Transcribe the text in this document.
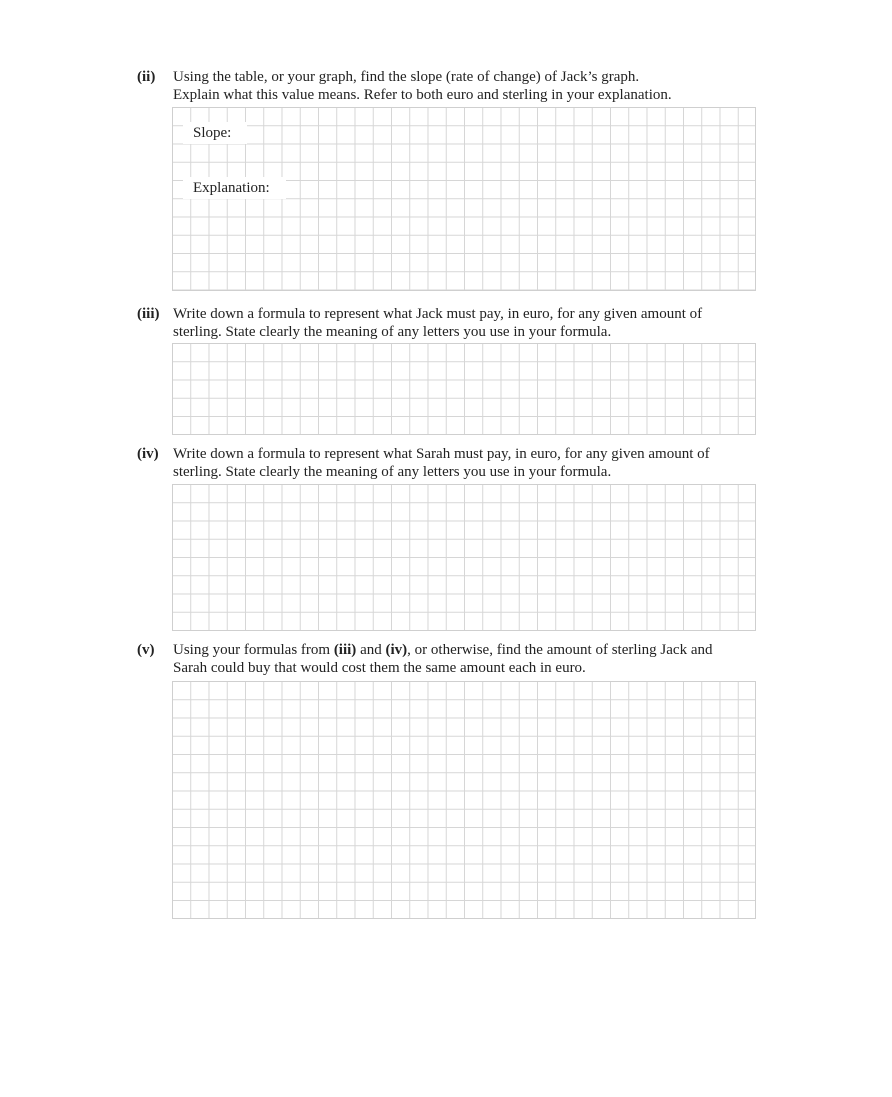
(ii) Using the table, or your graph, find the slope (rate of change) of Jack’s graph.
Explain what this value means. Refer to both euro and sterling in your explanation.
Slope:
Explanation:
(iii) Write down a formula to represent what Jack must pay, in euro, for any given amount of
sterling. State clearly the meaning of any letters you use in your formula.
(iv) Write down a formula to represent what Sarah must pay, in euro, for any given amount of
sterling. State clearly the meaning of any letters you use in your formula.
(v) Using your formulas from (iii) and (iv), or otherwise, find the amount of sterling Jack and
Sarah could buy that would cost them the same amount each in euro.
